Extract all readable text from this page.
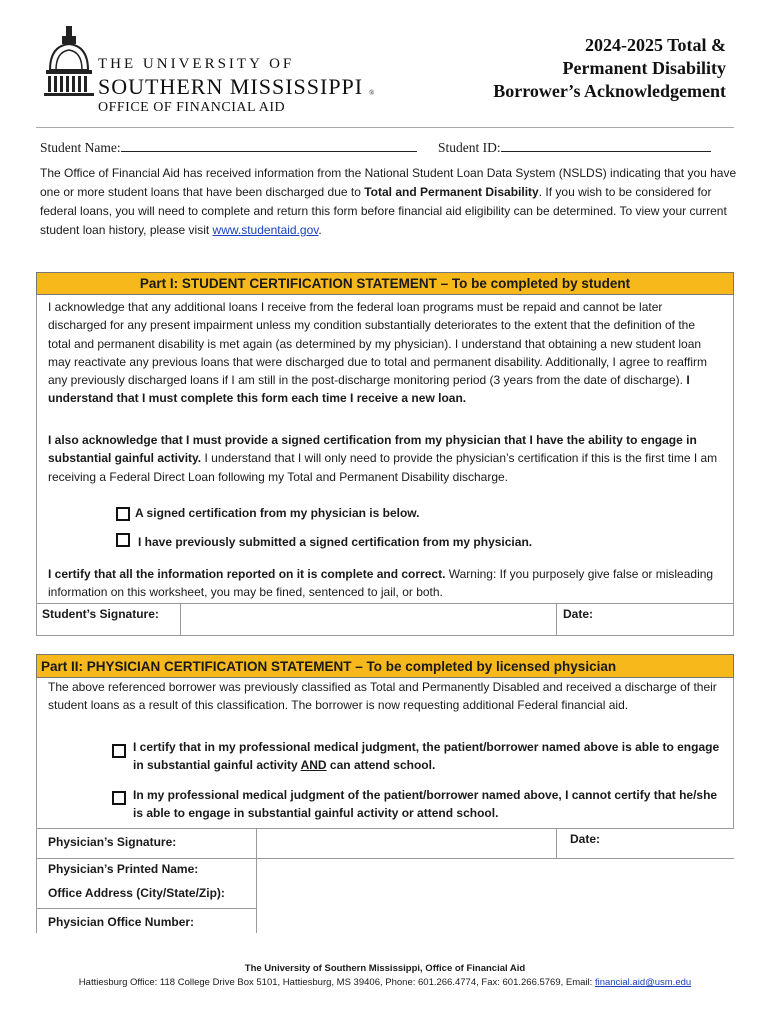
THE UNIVERSITY OF
SOUTHERN MISSISSIPPI ®
OFFICE OF FINANCIAL AID
2024-2025 Total &
Permanent Disability
Borrower’s Acknowledgement
Student Name:	Student ID:
The Office of Financial Aid has received information from the National Student Loan Data System (NSLDS) indicating that you have one or more student loans that have been discharged due to Total and Permanent Disability. If you wish to be considered for federal loans, you will need to complete and return this form before financial aid eligibility can be determined. To view your current student loan history, please visit www.studentaid.gov.
Part I: STUDENT CERTIFICATION STATEMENT – To be completed by student
I acknowledge that any additional loans I receive from the federal loan programs must be repaid and cannot be later discharged for any present impairment unless my condition substantially deteriorates to the extent that the definition of the total and permanent disability is met again (as determined by my physician). I understand that obtaining a new student loan may reactivate any previous loans that were discharged due to total and permanent disability. Additionally, I agree to reaffirm any previously discharged loans if I am still in the post-discharge monitoring period (3 years from the date of discharge). I understand that I must complete this form each time I receive a new loan.
I also acknowledge that I must provide a signed certification from my physician that I have the ability to engage in substantial gainful activity. I understand that I will only need to provide the physician’s certification if this is the first time I am receiving a Federal Direct Loan following my Total and Permanent Disability discharge.
A signed certification from my physician is below.
I have previously submitted a signed certification from my physician.
I certify that all the information reported on it is complete and correct. Warning: If you purposely give false or misleading information on this worksheet, you may be fined, sentenced to jail, or both.
Student’s Signature:	Date:
Part II: PHYSICIAN CERTIFICATION STATEMENT – To be completed by licensed physician
The above referenced borrower was previously classified as Total and Permanently Disabled and received a discharge of their student loans as a result of this classification. The borrower is now requesting additional Federal financial aid.
I certify that in my professional medical judgment, the patient/borrower named above is able to engage in substantial gainful activity AND can attend school.
In my professional medical judgment of the patient/borrower named above, I cannot certify that he/she is able to engage in substantial gainful activity or attend school.
Physician’s Signature:	Date:
Physician’s Printed Name:
Office Address (City/State/Zip):
Physician Office Number:
The University of Southern Mississippi, Office of Financial Aid
Hattiesburg Office: 118 College Drive Box 5101, Hattiesburg, MS 39406, Phone: 601.266.4774, Fax: 601.266.5769, Email: financial.aid@usm.edu
